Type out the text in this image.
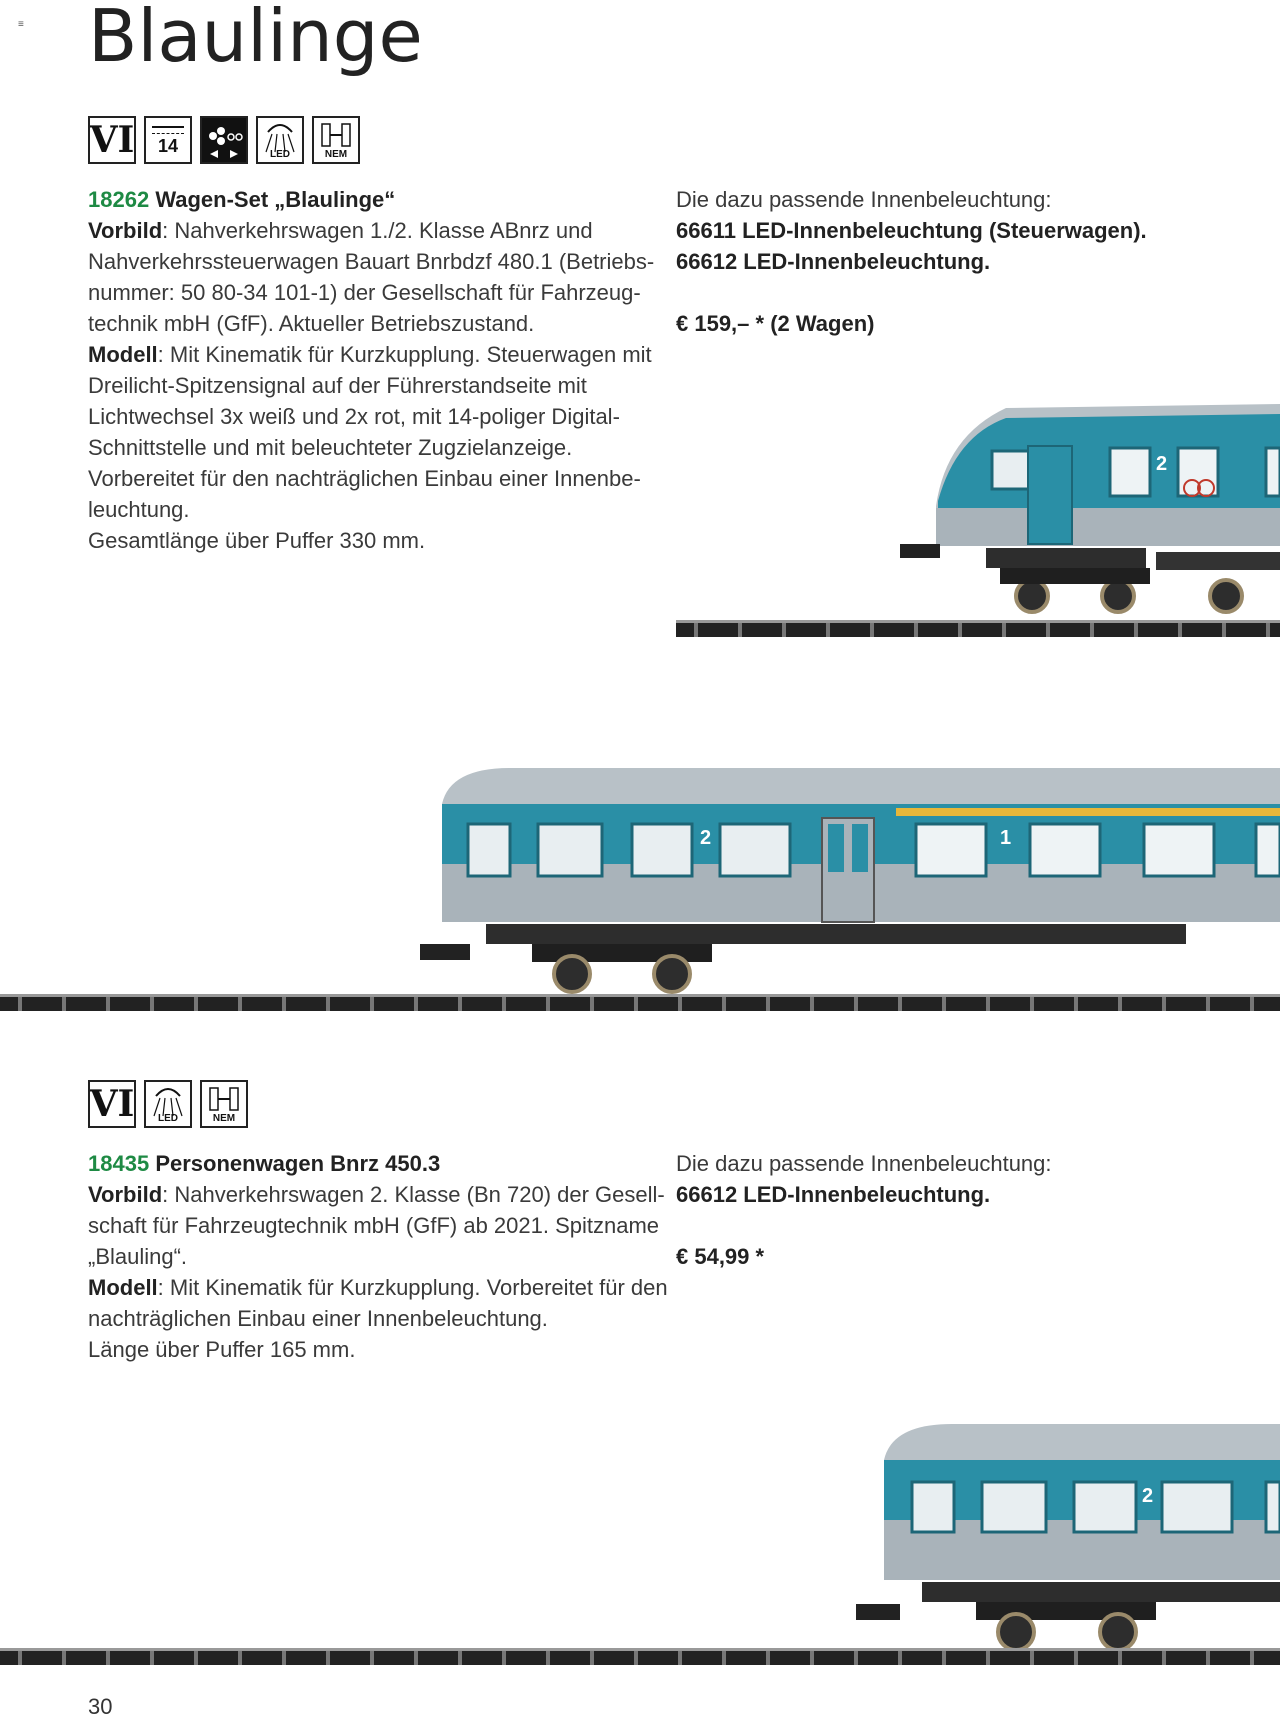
≡ Blaulinge
VI 14	LED	NEM

18262 Wagen-Set „Blaulinge“

Vorbild: Nahverkehrswagen 1./2. Klasse ABnrz und Nahverkehrssteuerwagen Bauart Bnrbdzf 480.1 (Betriebs-nummer: 50 80-34 101-1) der Gesellschaft für Fahrzeug-technik mbH (GfF). Aktueller Betriebszustand.

Modell: Mit Kinematik für Kurzkupplung. Steuerwagen mit Dreilicht-Spitzensignal auf der Führerstandseite mit Lichtwechsel 3x weiß und 2x rot, mit 14-poliger Digital-Schnittstelle und mit beleuchteter Zugzielanzeige. Vorbereitet für den nachträglichen Einbau einer Innenbe-leuchtung.

Gesamtlänge über Puffer 330 mm.

Die dazu passende Innenbeleuchtung:
66611 LED-Innenbeleuchtung (Steuerwagen).
66612 LED-Innenbeleuchtung.
€ 159,– * (2 Wagen)
2
2	1
VI	LED	NEM

18435 Personenwagen Bnrz 450.3

Vorbild: Nahverkehrswagen 2. Klasse (Bn 720) der Gesell-schaft für Fahrzeugtechnik mbH (GfF) ab 2021. Spitzname „Blauling“.

Modell: Mit Kinematik für Kurzkupplung. Vorbereitet für den nachträglichen Einbau einer Innenbeleuchtung.

Länge über Puffer 165 mm.

Die dazu passende Innenbeleuchtung:
66612 LED-Innenbeleuchtung.
€ 54,99 *
2
30
